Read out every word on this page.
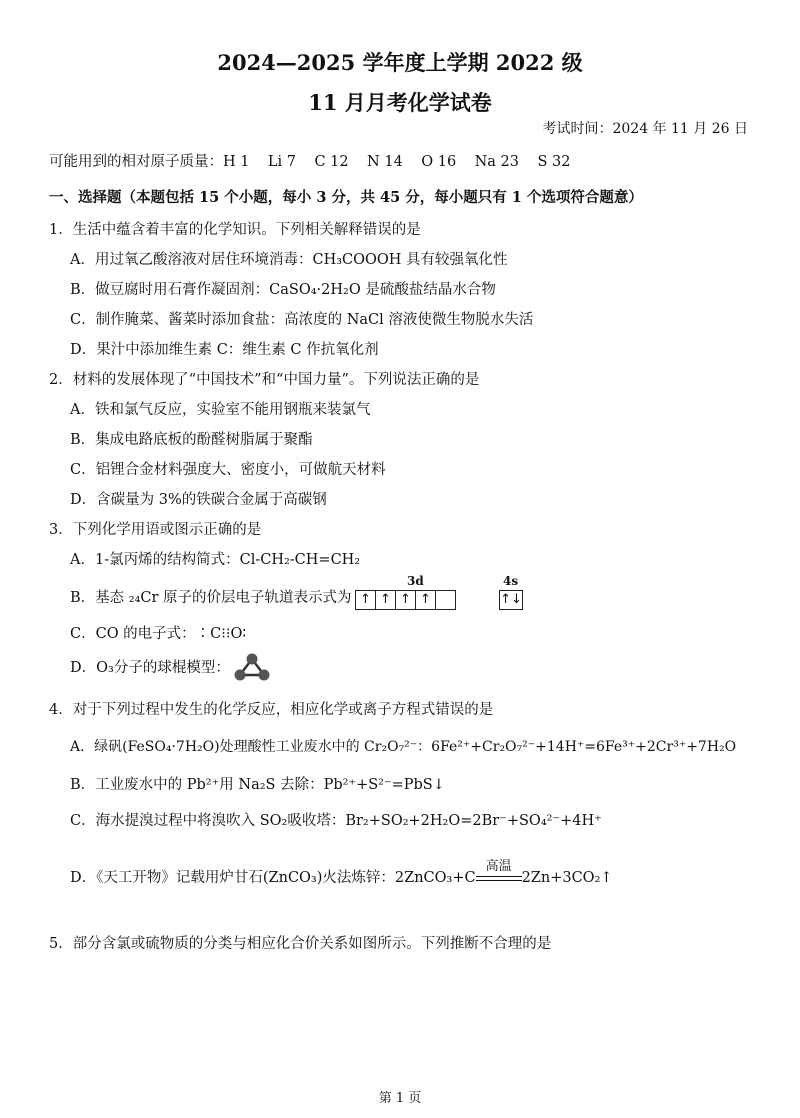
2024—2025 学年度上学期 2022 级
11 月月考化学试卷
考试时间：2024 年 11 月 26 日
可能用到的相对原子质量：H 1    Li 7    C 12    N 14    O 16    Na 23    S 32
一、选择题（本题包括 15 个小题，每小 3 分，共 45 分，每小题只有 1 个选项符合题意）
1．生活中蕴含着丰富的化学知识。下列相关解释错误的是
A．用过氧乙酸溶液对居住环境消毒：CH₃COOOH 具有较强氧化性
B．做豆腐时用石膏作凝固剂：CaSO₄·2H₂O 是硫酸盐结晶水合物
C．制作腌菜、酱菜时添加食盐：高浓度的 NaCl 溶液使微生物脱水失活
D．果汁中添加维生素 C：维生素 C 作抗氧化剂
2．材料的发展体现了“中国技术”和“中国力量”。下列说法正确的是
A．铁和氯气反应，实验室不能用钢瓶来装氯气
B．集成电路底板的酚醛树脂属于聚酯
C．铝锂合金材料强度大、密度小，可做航天材料
D．含碳量为 3%的铁碳合金属于高碳钢
3．下列化学用语或图示正确的是
A．1-氯丙烯的结构简式：Cl-CH₂-CH=CH₂
B．基态 ₂₄Cr 原子的价层电子轨道表示式为
3d
↑ ↑ ↑ ↑
4s
↑↓
C．CO 的电子式：∶C⁝⁝O∶
D．O₃分子的球棍模型：
4．对于下列过程中发生的化学反应，相应化学或离子方程式错误的是
A．绿矾(FeSO₄·7H₂O)处理酸性工业废水中的 Cr₂O₇²⁻：6Fe²⁺+Cr₂O₇²⁻+14H⁺=6Fe³⁺+2Cr³⁺+7H₂O
B．工业废水中的 Pb²⁺用 Na₂S 去除：Pb²⁺+S²⁻=PbS↓
C．海水提溴过程中将溴吹入 SO₂吸收塔：Br₂+SO₂+2H₂O=2Br⁻+SO₄²⁻+4H⁺
D．《天工开物》记载用炉甘石(ZnCO₃)火法炼锌：2ZnCO₃+C
高温
2Zn+3CO₂↑
5．部分含氯或硫物质的分类与相应化合价关系如图所示。下列推断不合理的是
第 1 页
